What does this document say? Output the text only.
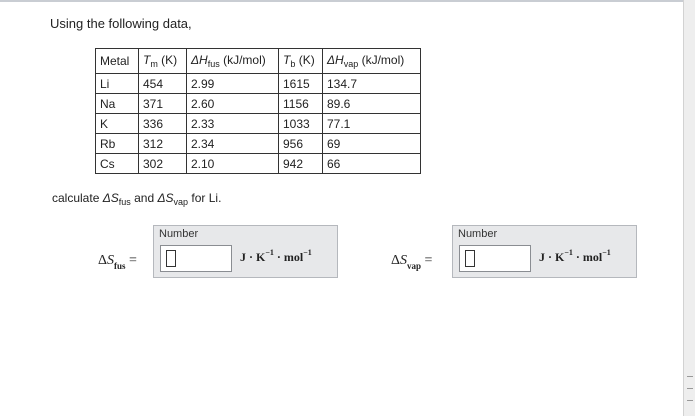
Using the following data,
Metal	$T_m$ (K)	$\Delta H_{fus}$ (kJ/mol)	$T_b$ (K)	$\Delta H_{vap}$ (kJ/mol)
Li	454	2.99	1615	134.7
Na	371	2.60	1156	89.6
K	336	2.33	1033	77.1
Rb	312	2.34	956	69
Cs	302	2.10	942	66
calculate $\Delta S_{fus}$ and $\Delta S_{vap}$ for Li.
$\Delta S_{fus}$ =
Number
$J \cdot K^{-1} \cdot mol^{-1}$
$\Delta S_{vap}$ =
Number
$J \cdot K^{-1} \cdot mol^{-1}$
